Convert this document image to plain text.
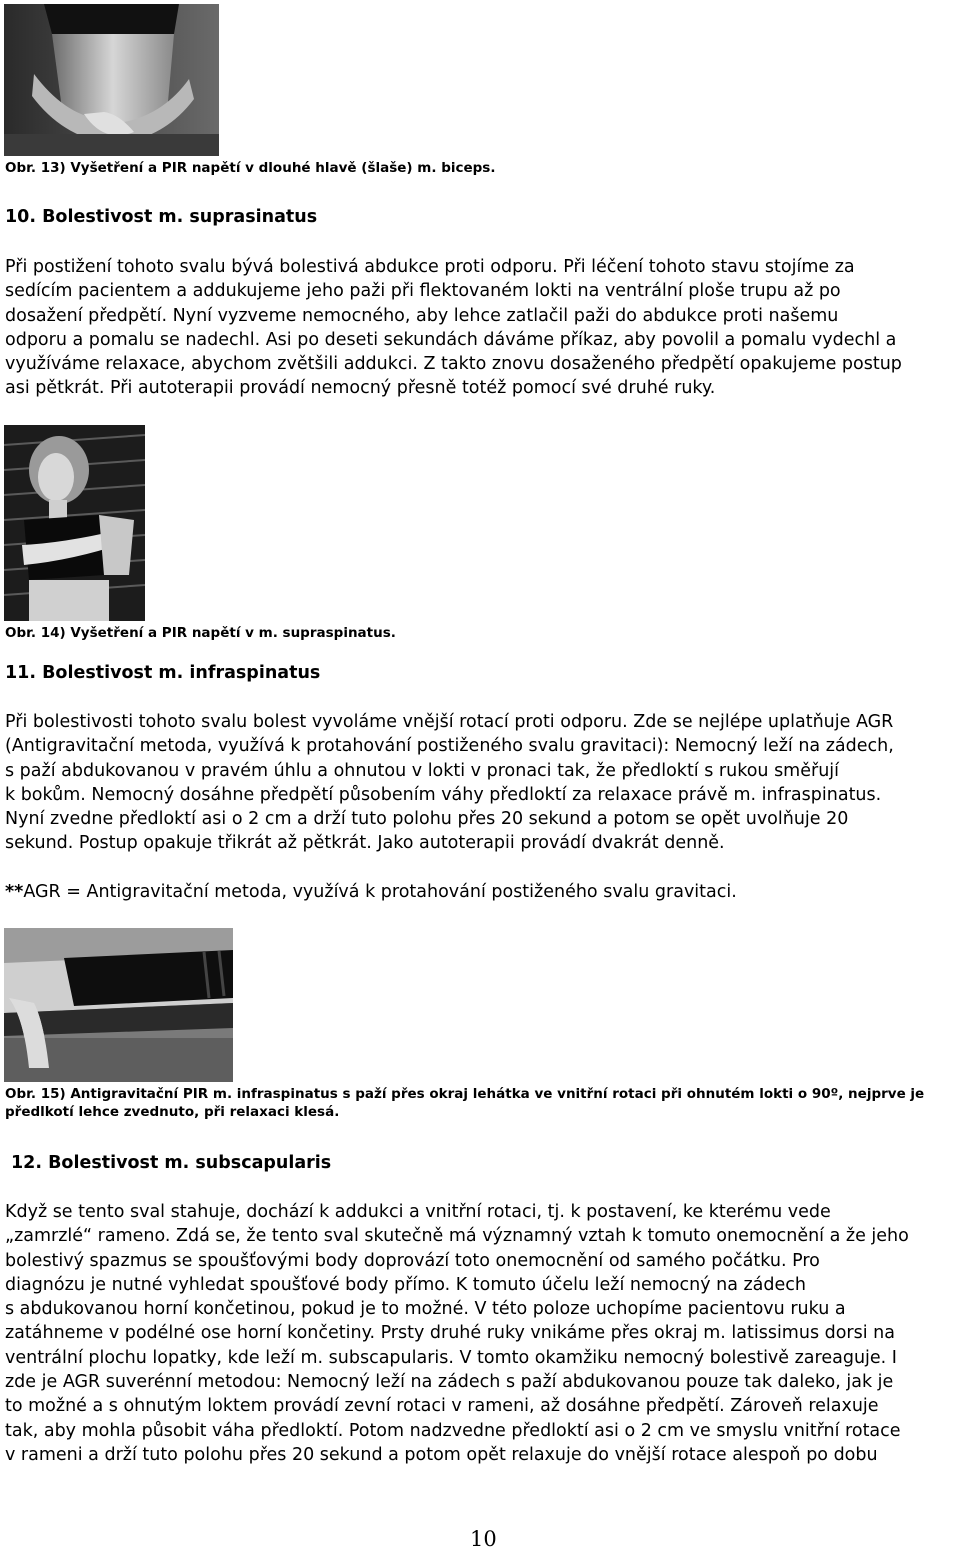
Obr. 13) Vyšetření a PIR napětí v dlouhé hlavě (šlaše) m. biceps.
10. Bolestivost m. suprasinatus
Při postižení tohoto svalu bývá bolestivá abdukce proti odporu. Při léčení tohoto stavu stojíme za
sedícím pacientem a addukujeme jeho paži při flektovaném lokti na ventrální ploše trupu až po
dosažení předpětí. Nyní vyzveme nemocného, aby lehce zatlačil paži do abdukce proti našemu
odporu a pomalu se nadechl. Asi po deseti sekundách dáváme příkaz, aby povolil a pomalu vydechl a
využíváme relaxace, abychom zvětšili addukci. Z takto znovu dosaženého předpětí opakujeme postup
asi pětkrát. Při autoterapii provádí nemocný přesně totéž pomocí své druhé ruky.
Obr. 14) Vyšetření a PIR napětí v m. supraspinatus.
11. Bolestivost m. infraspinatus
Při bolestivosti tohoto svalu bolest vyvoláme vnější rotací proti odporu. Zde se nejlépe uplatňuje AGR
(Antigravitační metoda, využívá k protahování postiženého svalu gravitaci): Nemocný leží na zádech,
s paží abdukovanou v pravém úhlu a ohnutou v lokti v pronaci tak, že předloktí s rukou směřují
k bokům. Nemocný dosáhne předpětí působením váhy předloktí za relaxace právě m. infraspinatus.
Nyní zvedne předloktí asi o 2 cm a drží tuto polohu přes 20 sekund a potom se opět uvolňuje 20
sekund. Postup opakuje třikrát až pětkrát. Jako autoterapii provádí dvakrát denně.
**AGR = Antigravitační metoda, využívá k protahování postiženého svalu gravitaci.
Obr. 15) Antigravitační PIR m. infraspinatus s paží přes okraj lehátka ve vnitřní rotaci při ohnutém lokti o 90º, nejprve je
předlkotí lehce zvednuto, při relaxaci klesá.
12. Bolestivost m. subscapularis
Když se tento sval stahuje, dochází k addukci a vnitřní rotaci, tj. k postavení, ke kterému vede
„zamrzlé“ rameno. Zdá se, že tento sval skutečně má významný vztah k tomuto onemocnění a že jeho
bolestivý spazmus se spoušťovými body doprovází toto onemocnění od samého počátku. Pro
diagnózu je nutné vyhledat spoušťové body přímo. K tomuto účelu leží nemocný na zádech
s abdukovanou horní končetinou, pokud je to možné. V této poloze uchopíme pacientovu ruku a
zatáhneme v podélné ose horní končetiny. Prsty druhé ruky vnikáme přes okraj m. latissimus dorsi na
ventrální plochu lopatky, kde leží m. subscapularis. V tomto okamžiku nemocný bolestivě zareaguje. I
zde je AGR suverénní metodou: Nemocný leží na zádech s paží abdukovanou pouze tak daleko, jak je
to možné a s ohnutým loktem provádí zevní rotaci v rameni, až dosáhne předpětí. Zároveň relaxuje
tak, aby mohla působit váha předloktí. Potom nadzvedne předloktí asi o 2 cm ve smyslu vnitřní rotace
v rameni a drží tuto polohu přes 20 sekund a potom opět relaxuje do vnější rotace alespoň po dobu
10
